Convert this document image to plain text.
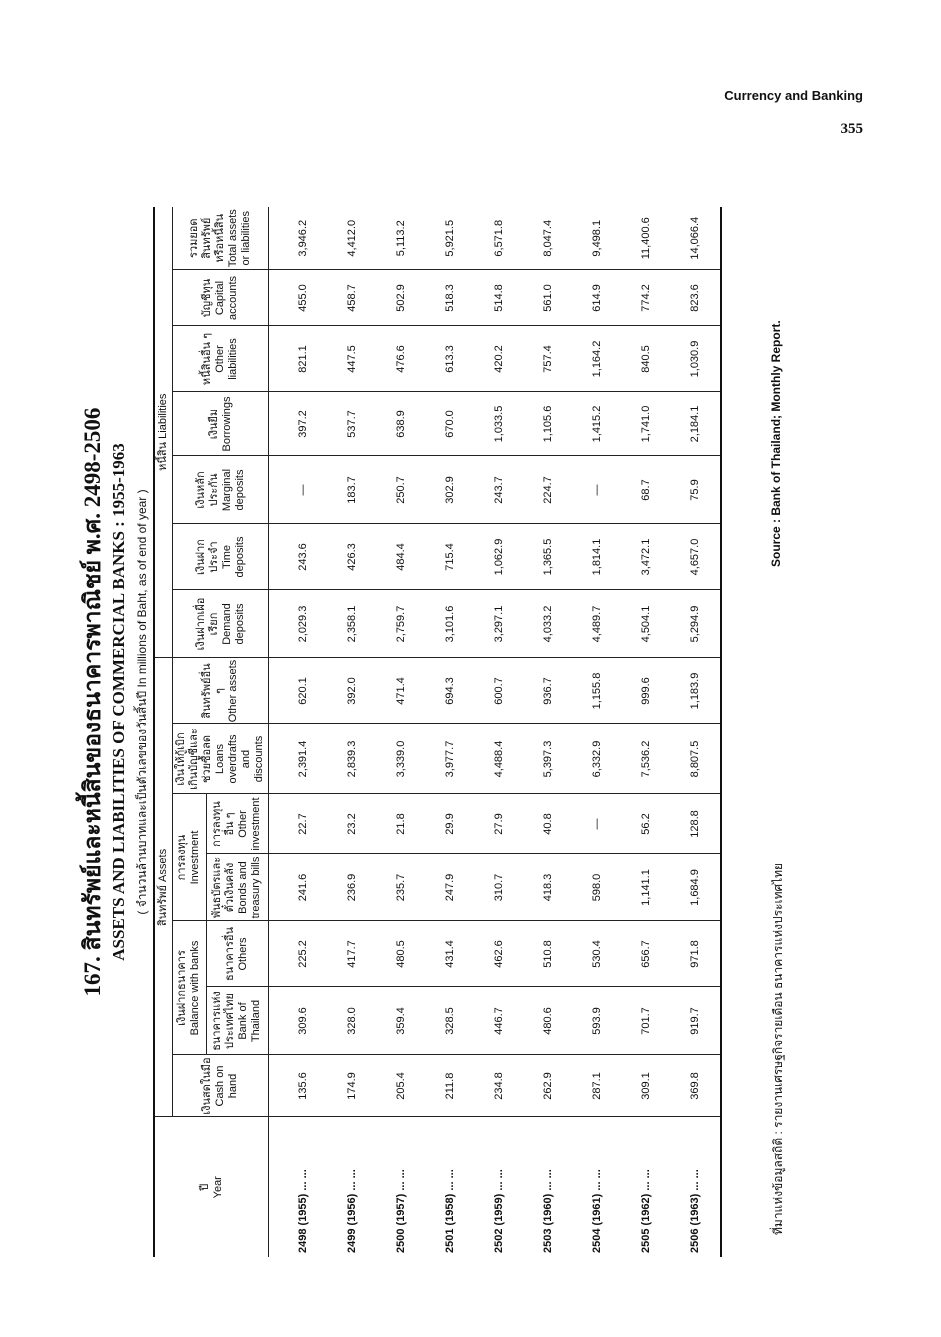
Currency and Banking
355
167. สินทรัพย์และหนี้สินของธนาคารพาณิชย์ พ.ศ. 2498-2506 ASSETS AND LIABILITIES OF COMMERCIAL BANKS : 1955-1963 ( จำนวนล้านบาทและเป็นตัวเลขของวันสิ้นปี In millions of Baht, as of end of year )
ปี Year	สินทรัพย์ Assets							หนี้สิน Liabilities						

	เงินสดในมือ Cash on hand	เงินฝากธนาคาร Balance with banks		การลงทุน Investment		เงินให้กู้เบิกเกินบัญชีและช่วยซื้อลด Loans overdrafts and discounts	สินทรัพย์อื่น ๆ Other assets	เงินฝากเผื่อเรียก Demand deposits	เงินฝากประจำ Time deposits	เงินหลักประกัน Marginal deposits	เงินยืม Borrowings	หนี้สินอื่น ๆ Other liabilities	บัญชีทุน Capital accounts	รวมยอดสินทรัพย์หรือหนี้สิน Total assets or liabilities

		ธนาคารแห่งประเทศไทย Bank of Thailand	ธนาคารอื่น Others	พันธบัตรและตั๋วเงินคลัง Bonds and treasury bills	การลงทุนอื่น ๆ Other investment									

2498 (1955) ... ...	135.6	309.6	225.2	241.6	22.7	2,391.4	620.1	2,029.3	243.6	—	397.2	821.1	455.0	3,946.2
2499 (1956) ... ...	174.9	328.0	417.7	236.9	23.2	2,839.3	392.0	2,358.1	426.3	183.7	537.7	447.5	458.7	4,412.0
2500 (1957) ... ...	205.4	359.4	480.5	235.7	21.8	3,339.0	471.4	2,759.7	484.4	250.7	638.9	476.6	502.9	5,113.2
2501 (1958) ... ...	211.8	328.5	431.4	247.9	29.9	3,977.7	694.3	3,101.6	715.4	302.9	670.0	613.3	518.3	5,921.5
2502 (1959) ... ...	234.8	446.7	462.6	310.7	27.9	4,488.4	600.7	3,297.1	1,062.9	243.7	1,033.5	420.2	514.8	6,571.8
2503 (1960) ... ...	262.9	480.6	510.8	418.3	40.8	5,397.3	936.7	4,033.2	1,365.5	224.7	1,105.6	757.4	561.0	8,047.4
2504 (1961) ... ...	287.1	593.9	530.4	598.0	—	6,332.9	1,155.8	4,489.7	1,814.1	—	1,415.2	1,164.2	614.9	9,498.1
2505 (1962) ... ...	309.1	701.7	656.7	1,141.1	56.2	7,536.2	999.6	4,504.1	3,472.1	68.7	1,741.0	840.5	774.2	11,400.6
2506 (1963) ... ...	369.8	919.7	971.8	1,684.9	128.8	8,807.5	1,183.9	5,294.9	4,657.0	75.9	2,184.1	1,030.9	823.6	14,066.4
ที่มาแห่งข้อมูลสถิติ : รายงานเศรษฐกิจรายเดือน ธนาคารแห่งประเทศไทย
Source : Bank of Thailand; Monthly Report.
